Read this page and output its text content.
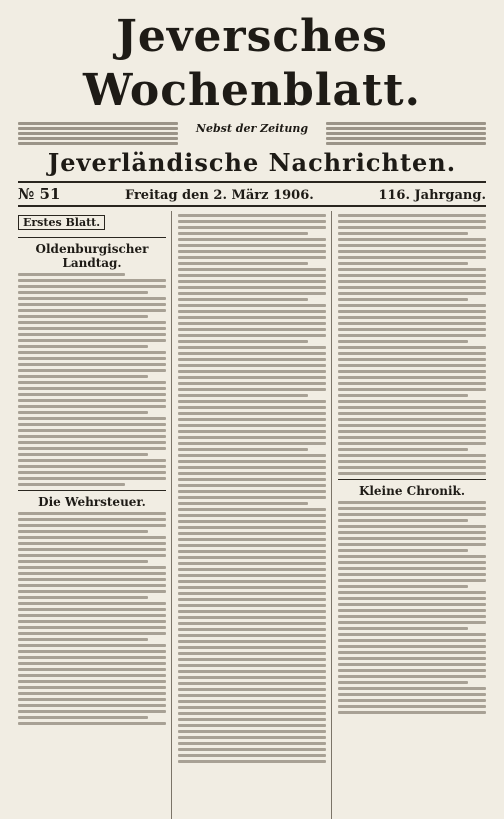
Jeversches Wochenblatt.
Nebst der Zeitung
Jeverländische Nachrichten.
№ 51	Freitag den 2. März 1906.	116. Jahrgang.
Erstes Blatt.
Oldenburgischer Landtag.
Die Wehrsteuer.
Kleine Chronik.
